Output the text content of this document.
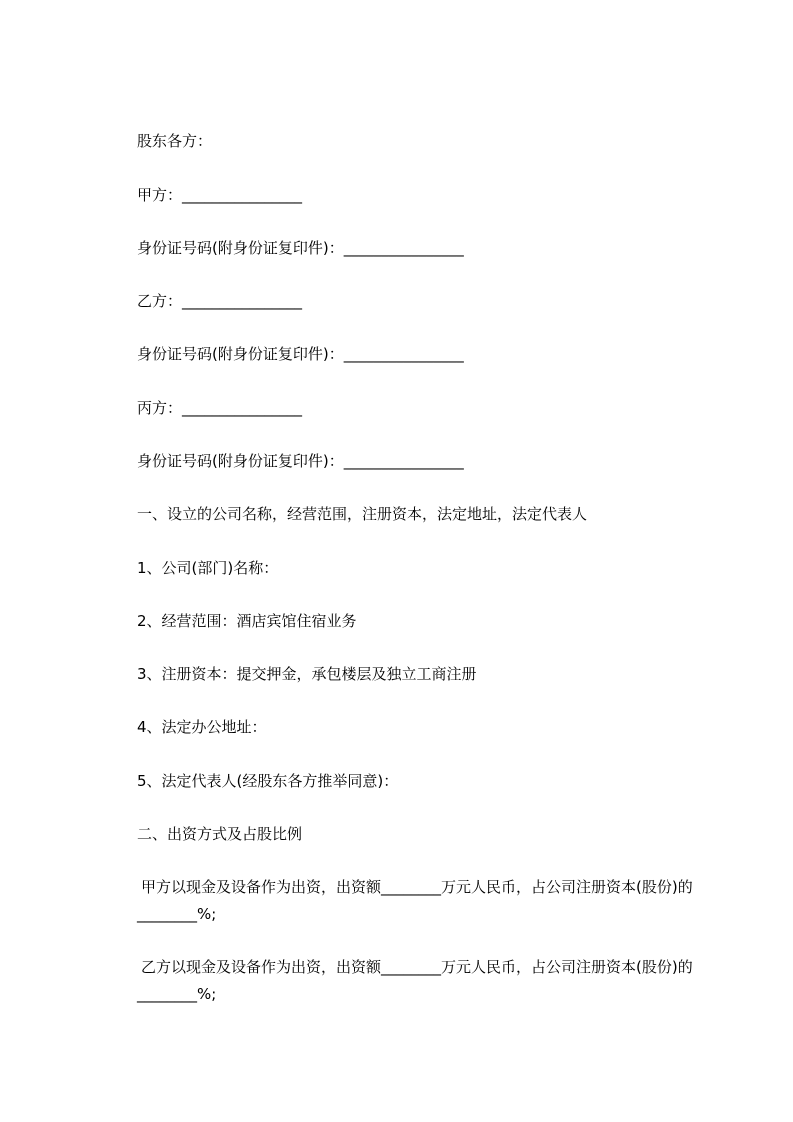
股东各方：
甲方：________________
身份证号码(附身份证复印件)：________________
乙方：________________
身份证号码(附身份证复印件)：________________
丙方：________________
身份证号码(附身份证复印件)：________________
一、设立的公司名称，经营范围，注册资本，法定地址，法定代表人
1、公司(部门)名称：
2、经营范围：酒店宾馆住宿业务
3、注册资本：提交押金，承包楼层及独立工商注册
4、法定办公地址：
5、法定代表人(经股东各方推举同意)：
二、出资方式及占股比例
甲方以现金及设备作为出资，出资额________万元人民币，占公司注册资本(股份)的________%;
乙方以现金及设备作为出资，出资额________万元人民币，占公司注册资本(股份)的________%;
